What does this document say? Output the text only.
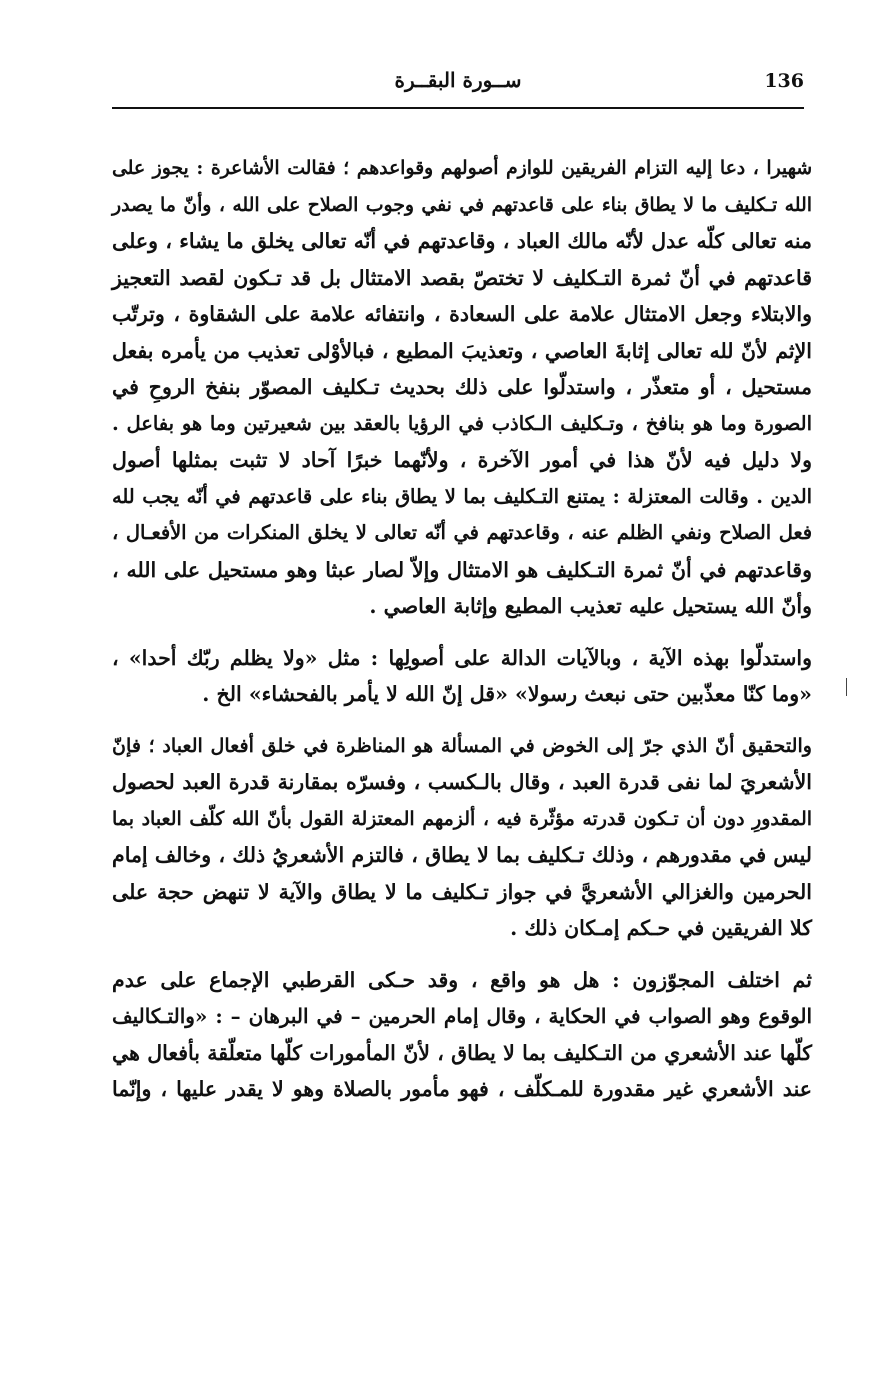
136
ســورة البقــرة
شهيرا ، دعا إليه التزام الفريقين للوازم أصولهم وقواعدهم ؛ فقالت الأشاعرة : يجوز على
الله تـكليف ما لا يطاق بناء على قاعدتهم في نفي وجوب الصلاح على الله ، وأنّ ما يصدر
منه تعالى كلّه عدل لأنّه مالك العباد ، وقاعدتهم في أنّه تعالى يخلق ما يشاء ، وعلى
قاعدتهم في أنّ ثمرة التـكليف لا تختصّ بقصد الامتثال بل قد تـكون لقصد التعجيز
والابتلاء وجعل الامتثال علامة على السعادة ، وانتفائه علامة على الشقاوة ، وترتّب
الإثم لأنّ لله تعالى إثابةَ العاصي ، وتعذيبَ المطيع ، فبالأوْلى تعذيب من يأمره بفعل
مستحيل ، أو متعذّر ، واستدلّوا على ذلك بحديث تـكليف المصوّر بنفخ الروحِ في
الصورة وما هو بنافخ ، وتـكليف الـكاذب في الرؤيا بالعقد بين شعيرتين وما هو بفاعل .
ولا دليل فيه لأنّ هذا في أمور الآخرة ، ولأنّهما خبرًا آحاد لا تثبت بمثلها أصول
الدين . وقالت المعتزلة : يمتنع التـكليف بما لا يطاق بناء على قاعدتهم في أنّه يجب لله
فعل الصلاح ونفي الظلم عنه ، وقاعدتهم في أنّه تعالى لا يخلق المنكرات من الأفعـال ،
وقاعدتهم في أنّ ثمرة التـكليف هو الامتثال وإلاّ لصار عبثا وهو مستحيل على الله ،
وأنّ الله يستحيل عليه تعذيب المطيع وإثابة العاصي .
واستدلّوا بهذه الآية ، وبالآيات الدالة على أصولِها : مثل «ولا يظلم ربّك أحدا» ،
«وما كنّا معذّبين حتى نبعث رسولا» «قل إنّ الله لا يأمر بالفحشاء» الخ .
والتحقيق أنّ الذي جرّ إلى الخوض في المسألة هو المناظرة في خلق أفعال العباد ؛ فإنّ
الأشعريَ لما نفى قدرة العبد ، وقال بالـكسب ، وفسرّه بمقارنة قدرة العبد لحصول
المقدورِ دون أن تـكون قدرته مؤثّرة فيه ، ألزمهم المعتزلة القول بأنّ الله كلّف العباد بما
ليس في مقدورهم ، وذلك تـكليف بما لا يطاق ، فالتزم الأشعريُ ذلك ، وخالف إمام
الحرمين والغزالي الأشعريَّ في جواز تـكليف ما لا يطاق والآية لا تنهض حجة على
كلا الفريقين في حـكم إمـكان ذلك .
ثم اختلف المجوّزون : هل هو واقع ، وقد حـكى القرطبي الإجماع على عدم
الوقوع وهو الصواب في الحكاية ، وقال إمام الحرمين – في البرهان – : «والتـكاليف
كلّها عند الأشعري من التـكليف بما لا يطاق ، لأنّ المأمورات كلّها متعلّقة بأفعال هي
عند الأشعري غير مقدورة للمـكلّف ، فهو مأمور بالصلاة وهو لا يقدر عليها ، وإنّما
